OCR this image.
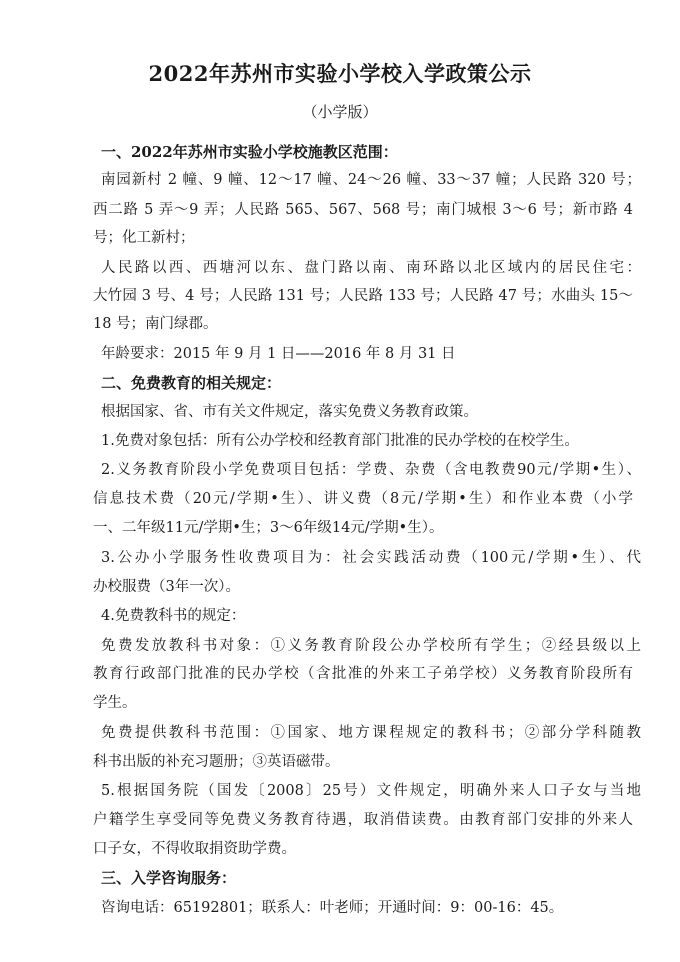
2022年苏州市实验小学校入学政策公示
（小学版）
一、2022年苏州市实验小学校施教区范围：
南园新村 2 幢、9 幢、12～17 幢、24～26 幢、33～37 幢；人民路 320 号；
西二路 5 弄～9 弄；人民路 565、567、568 号；南门城根 3～6 号；新市路 4
号；化工新村；
人民路以西、西塘河以东、盘门路以南、南环路以北区域内的居民住宅：
大竹园 3 号、4 号；人民路 131 号；人民路 133 号；人民路 47 号；水曲头 15～
18 号；南门绿郡。
年龄要求：2015 年 9 月 1 日——2016 年 8 月 31 日
二、免费教育的相关规定：
根据国家、省、市有关文件规定，落实免费义务教育政策。
1.免费对象包括：所有公办学校和经教育部门批准的民办学校的在校学生。
2.义务教育阶段小学免费项目包括：学费、杂费（含电教费90元/学期•生）、
信息技术费（20元/学期•生）、讲义费（8元/学期•生）和作业本费（小学
一、二年级11元/学期•生；3～6年级14元/学期•生）。
3.公办小学服务性收费项目为：社会实践活动费（100元/学期•生）、代
办校服费（3年一次）。
4.免费教科书的规定：
免费发放教科书对象：①义务教育阶段公办学校所有学生；②经县级以上
教育行政部门批准的民办学校（含批准的外来工子弟学校）义务教育阶段所有
学生。
免费提供教科书范围：①国家、地方课程规定的教科书；②部分学科随教
科书出版的补充习题册；③英语磁带。
5.根据国务院（国发〔2008〕25号）文件规定，明确外来人口子女与当地
户籍学生享受同等免费义务教育待遇，取消借读费。由教育部门安排的外来人
口子女，不得收取捐资助学费。
三、入学咨询服务：
咨询电话：65192801；联系人：叶老师；开通时间：9：00-16：45。
